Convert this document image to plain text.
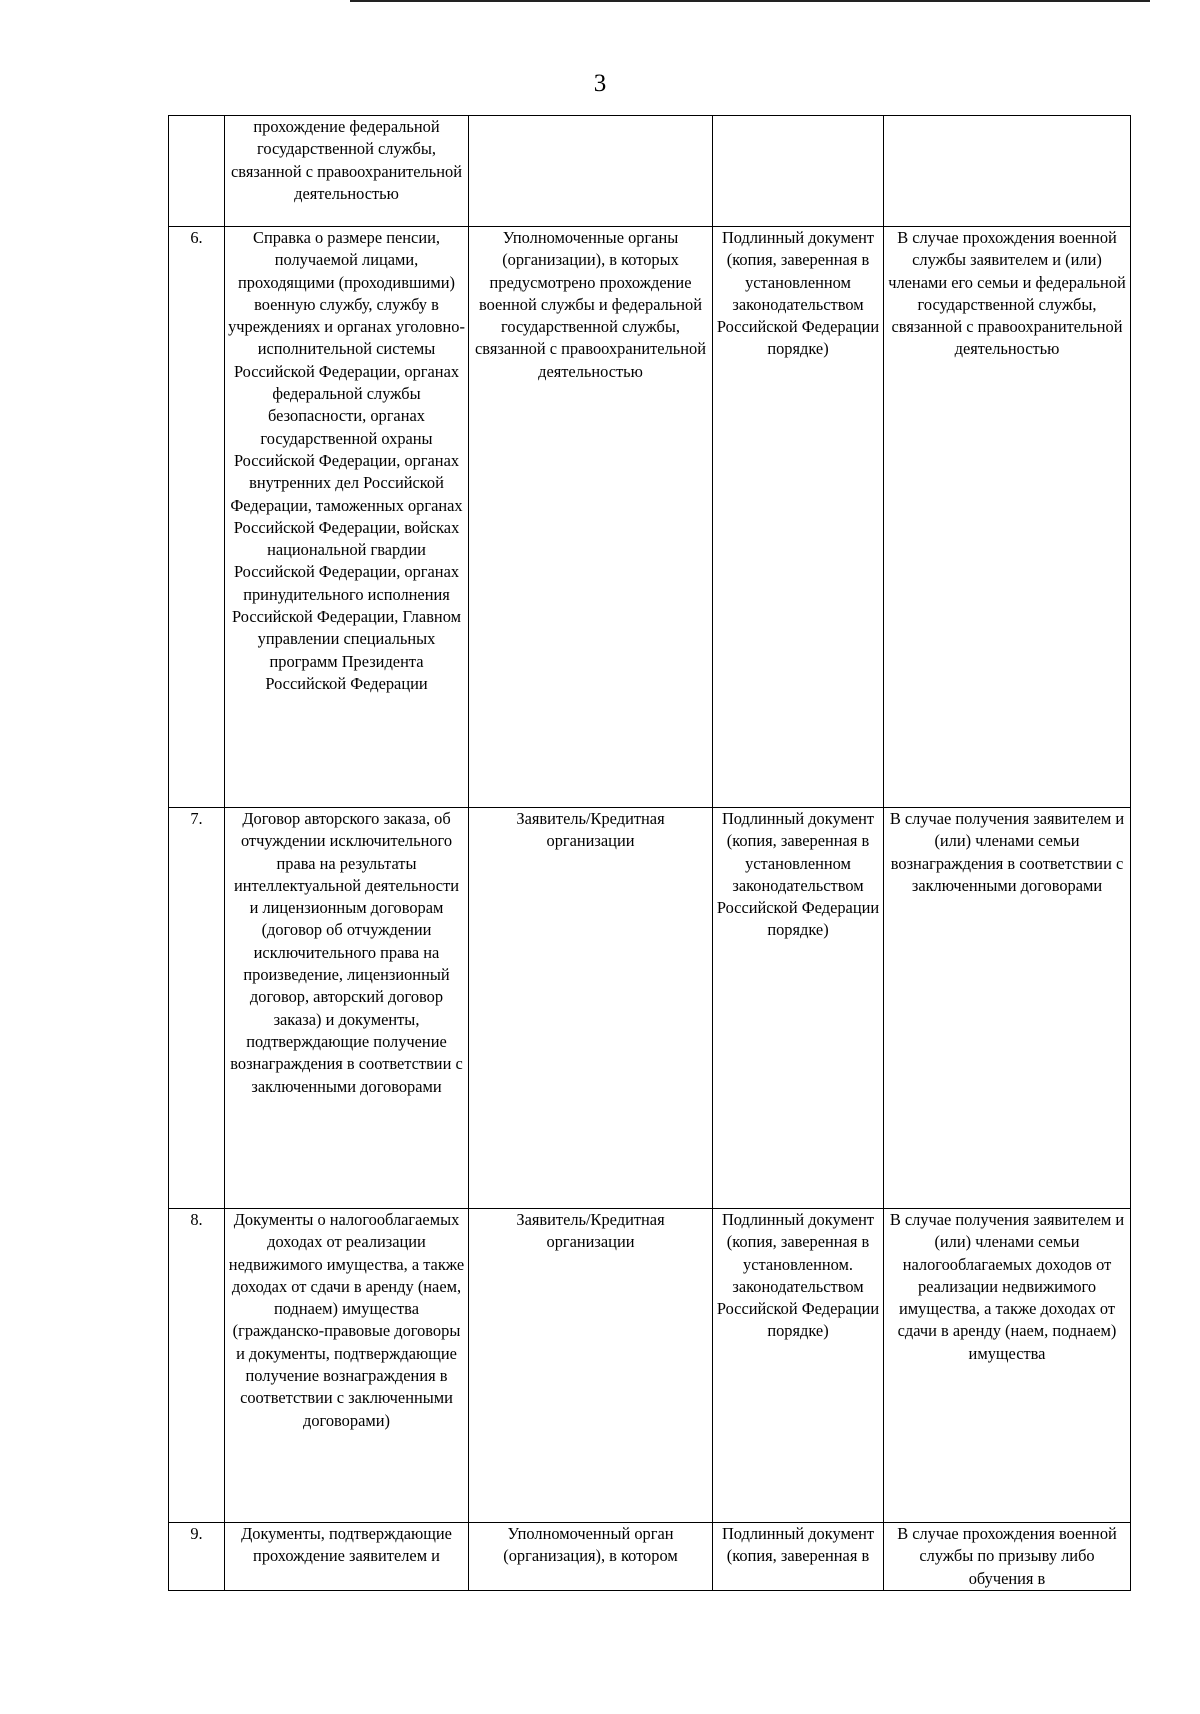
3
	прохождение федеральной государственной службы, связанной с правоохранительной деятельностью			
6.	Справка о размере пенсии, получаемой лицами, проходящими (проходившими) военную службу, службу в учреждениях и органах уголовно-исполнительной системы Российской Федерации, органах федеральной службы безопасности, органах государственной охраны Российской Федерации, органах внутренних дел Российской Федерации, таможенных органах Российской Федерации, войсках национальной гвардии Российской Федерации, органах принудительного исполнения Российской Федерации, Главном управлении специальных программ Президента Российской Федерации	Уполномоченные органы (организации), в которых предусмотрено прохождение военной службы и федеральной государственной службы, связанной с правоохранительной деятельностью	Подлинный документ (копия, заверенная в установленном законодательством Российской Федерации порядке)	В случае прохождения военной службы заявителем и (или) членами его семьи и федеральной государственной службы, связанной с правоохранительной деятельностью
7.	Договор авторского заказа, об отчуждении исключительного права на результаты интеллектуальной деятельности и лицензионным договорам (договор об отчуждении исключительного права на произведение, лицензионный договор, авторский договор заказа) и документы, подтверждающие получение вознаграждения в соответствии с заключенными договорами	Заявитель/Кредитная организации	Подлинный документ (копия, заверенная в установленном законодательством Российской Федерации порядке)	В случае получения заявителем и (или) членами семьи вознаграждения в соответствии с заключенными договорами
8.	Документы о налогооблагаемых доходах от реализации недвижимого имущества, а также доходах от сдачи в аренду (наем, поднаем) имущества (гражданско-правовые договоры и документы, подтверждающие получение вознаграждения в соответствии с заключенными договорами)	Заявитель/Кредитная организации	Подлинный документ (копия, заверенная в установленном. законодательством Российской Федерации порядке)	В случае получения заявителем и (или) членами семьи налогооблагаемых доходов от реализации недвижимого имущества, а также доходах от сдачи в аренду (наем, поднаем) имущества
9.	Документы, подтверждающие прохождение заявителем и	Уполномоченный орган (организация), в котором	Подлинный документ (копия, заверенная в	В случае прохождения военной службы по призыву либо обучения в
